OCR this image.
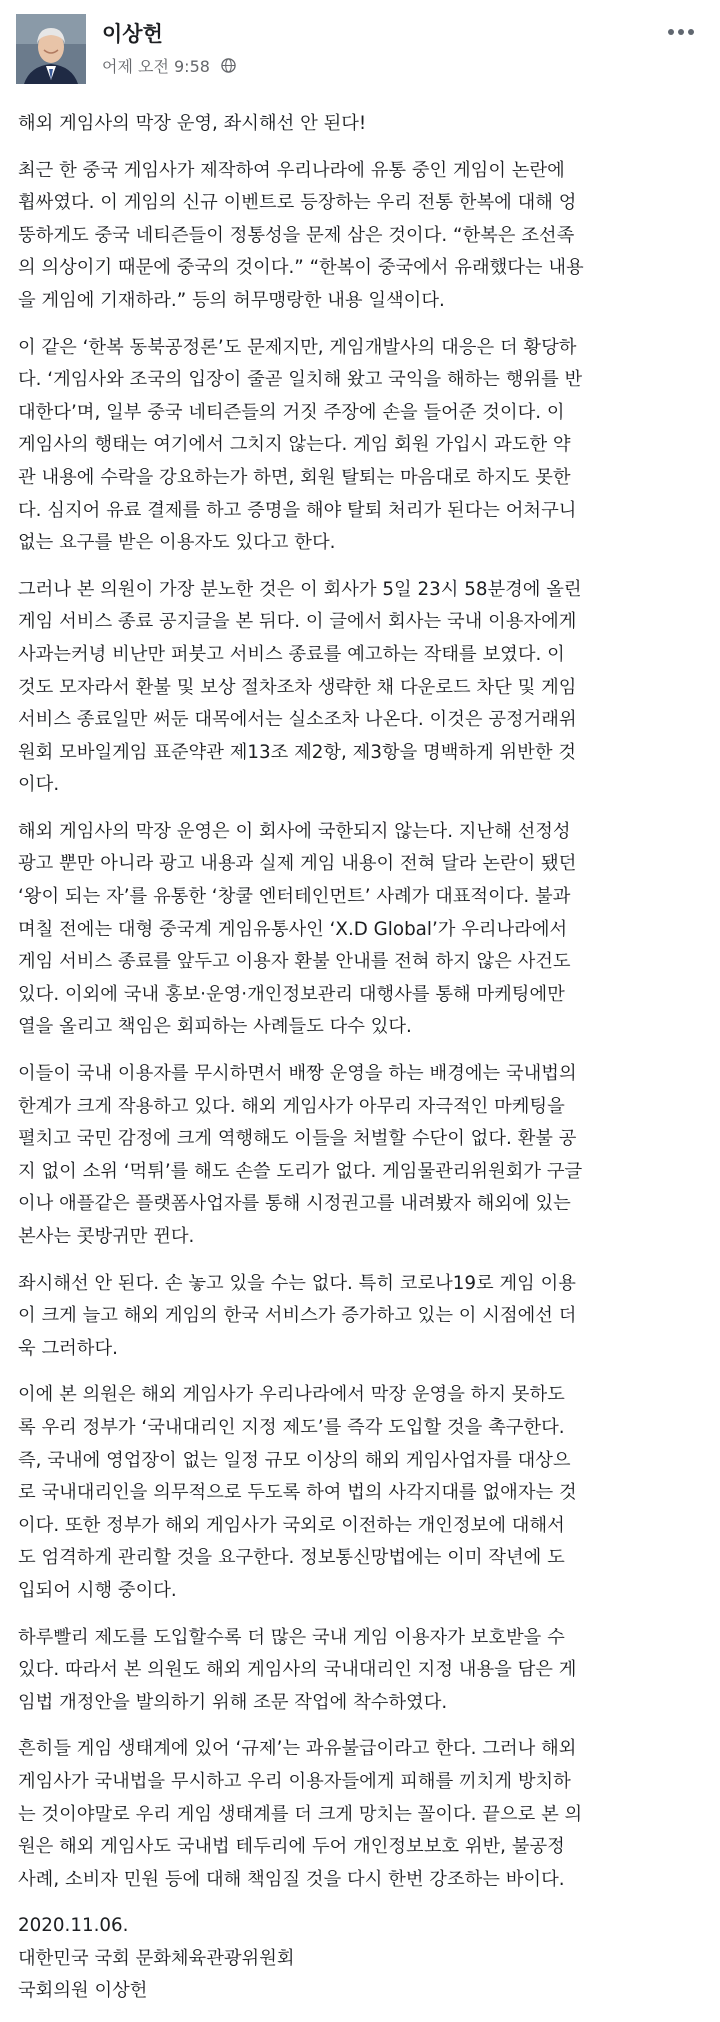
이상헌
어제 오전 9:58
해외 게임사의 막장 운영, 좌시해선 안 된다!
최근 한 중국 게임사가 제작하여 우리나라에 유통 중인 게임이 논란에
휩싸였다. 이 게임의 신규 이벤트로 등장하는 우리 전통 한복에 대해 엉
뚱하게도 중국 네티즌들이 정통성을 문제 삼은 것이다. “한복은 조선족
의 의상이기 때문에 중국의 것이다.” “한복이 중국에서 유래했다는 내용
을 게임에 기재하라.” 등의 허무맹랑한 내용 일색이다.
이 같은 ‘한복 동북공정론’도 문제지만, 게임개발사의 대응은 더 황당하
다. ‘게임사와 조국의 입장이 줄곧 일치해 왔고 국익을 해하는 행위를 반
대한다’며, 일부 중국 네티즌들의 거짓 주장에 손을 들어준 것이다. 이
게임사의 행태는 여기에서 그치지 않는다. 게임 회원 가입시 과도한 약
관 내용에 수락을 강요하는가 하면, 회원 탈퇴는 마음대로 하지도 못한
다. 심지어 유료 결제를 하고 증명을 해야 탈퇴 처리가 된다는 어처구니
없는 요구를 받은 이용자도 있다고 한다.
그러나 본 의원이 가장 분노한 것은 이 회사가 5일 23시 58분경에 올린
게임 서비스 종료 공지글을 본 뒤다. 이 글에서 회사는 국내 이용자에게
사과는커녕 비난만 퍼붓고 서비스 종료를 예고하는 작태를 보였다. 이
것도 모자라서 환불 및 보상 절차조차 생략한 채 다운로드 차단 및 게임
서비스 종료일만 써둔 대목에서는 실소조차 나온다. 이것은 공정거래위
원회 모바일게임 표준약관 제13조 제2항, 제3항을 명백하게 위반한 것
이다.
해외 게임사의 막장 운영은 이 회사에 국한되지 않는다. 지난해 선정성
광고 뿐만 아니라 광고 내용과 실제 게임 내용이 전혀 달라 논란이 됐던
‘왕이 되는 자’를 유통한 ‘창쿨 엔터테인먼트’ 사례가 대표적이다. 불과
며칠 전에는 대형 중국계 게임유통사인 ‘X.D Global’가 우리나라에서
게임 서비스 종료를 앞두고 이용자 환불 안내를 전혀 하지 않은 사건도
있다. 이외에 국내 홍보·운영·개인정보관리 대행사를 통해 마케팅에만
열을 올리고 책임은 회피하는 사례들도 다수 있다.
이들이 국내 이용자를 무시하면서 배짱 운영을 하는 배경에는 국내법의
한계가 크게 작용하고 있다. 해외 게임사가 아무리 자극적인 마케팅을
펼치고 국민 감정에 크게 역행해도 이들을 처벌할 수단이 없다. 환불 공
지 없이 소위 ‘먹튀’를 해도 손쓸 도리가 없다. 게임물관리위원회가 구글
이나 애플같은 플랫폼사업자를 통해 시정권고를 내려봤자 해외에 있는
본사는 콧방귀만 뀐다.
좌시해선 안 된다. 손 놓고 있을 수는 없다. 특히 코로나19로 게임 이용
이 크게 늘고 해외 게임의 한국 서비스가 증가하고 있는 이 시점에선 더
욱 그러하다.
이에 본 의원은 해외 게임사가 우리나라에서 막장 운영을 하지 못하도
록 우리 정부가 ‘국내대리인 지정 제도’를 즉각 도입할 것을 촉구한다.
즉, 국내에 영업장이 없는 일정 규모 이상의 해외 게임사업자를 대상으
로 국내대리인을 의무적으로 두도록 하여 법의 사각지대를 없애자는 것
이다. 또한 정부가 해외 게임사가 국외로 이전하는 개인정보에 대해서
도 엄격하게 관리할 것을 요구한다. 정보통신망법에는 이미 작년에 도
입되어 시행 중이다.
하루빨리 제도를 도입할수록 더 많은 국내 게임 이용자가 보호받을 수
있다. 따라서 본 의원도 해외 게임사의 국내대리인 지정 내용을 담은 게
임법 개정안을 발의하기 위해 조문 작업에 착수하였다.
흔히들 게임 생태계에 있어 ‘규제’는 과유불급이라고 한다. 그러나 해외
게임사가 국내법을 무시하고 우리 이용자들에게 피해를 끼치게 방치하
는 것이야말로 우리 게임 생태계를 더 크게 망치는 꼴이다. 끝으로 본 의
원은 해외 게임사도 국내법 테두리에 두어 개인정보보호 위반, 불공정
사례, 소비자 민원 등에 대해 책임질 것을 다시 한번 강조하는 바이다.
2020.11.06.
대한민국 국회 문화체육관광위원회
국회의원 이상헌
